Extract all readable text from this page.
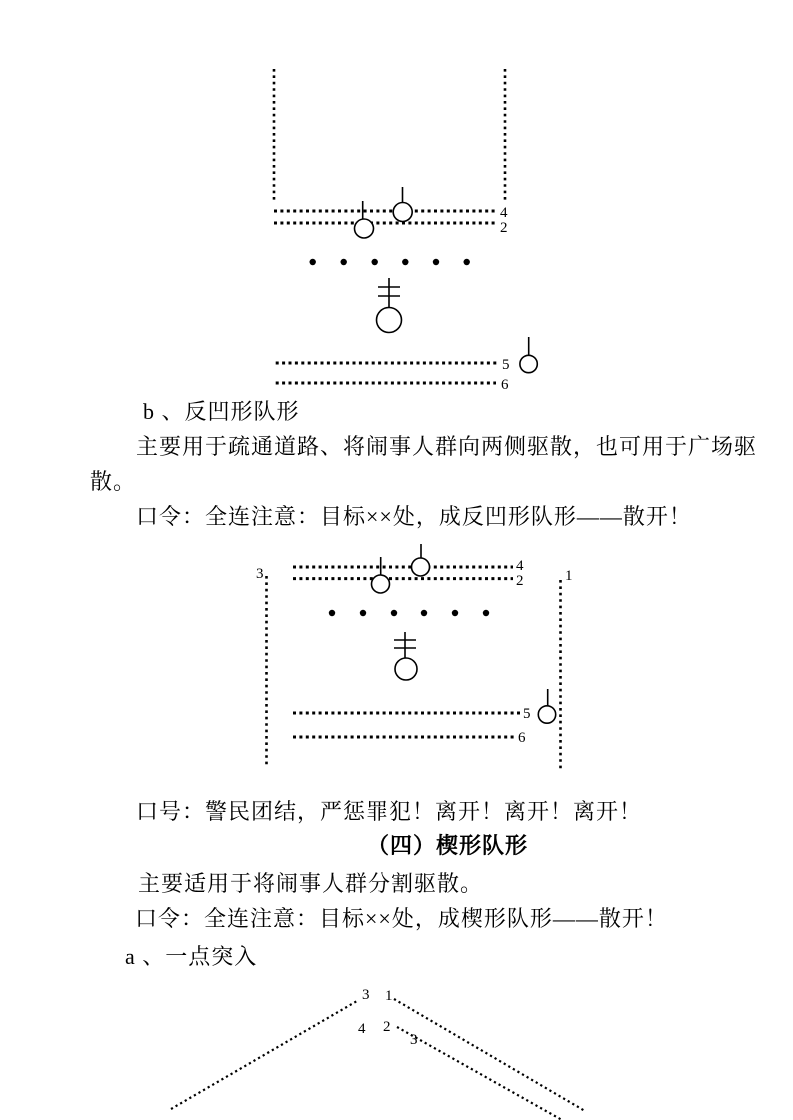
4
2
5
6
b 、反凹形队形
主要用于疏通道路、将闹事人群向两侧驱散，也可用于广场驱
散。
口令：全连注意：目标××处，成反凹形队形——散开！
3	1
4
2
5
6
口号：警民团结，严惩罪犯！离开！离开！离开！
（四）楔形队形
主要适用于将闹事人群分割驱散。
口令：全连注意：目标××处，成楔形队形——散开！
a 、一点突入
3 1
4 2
3
